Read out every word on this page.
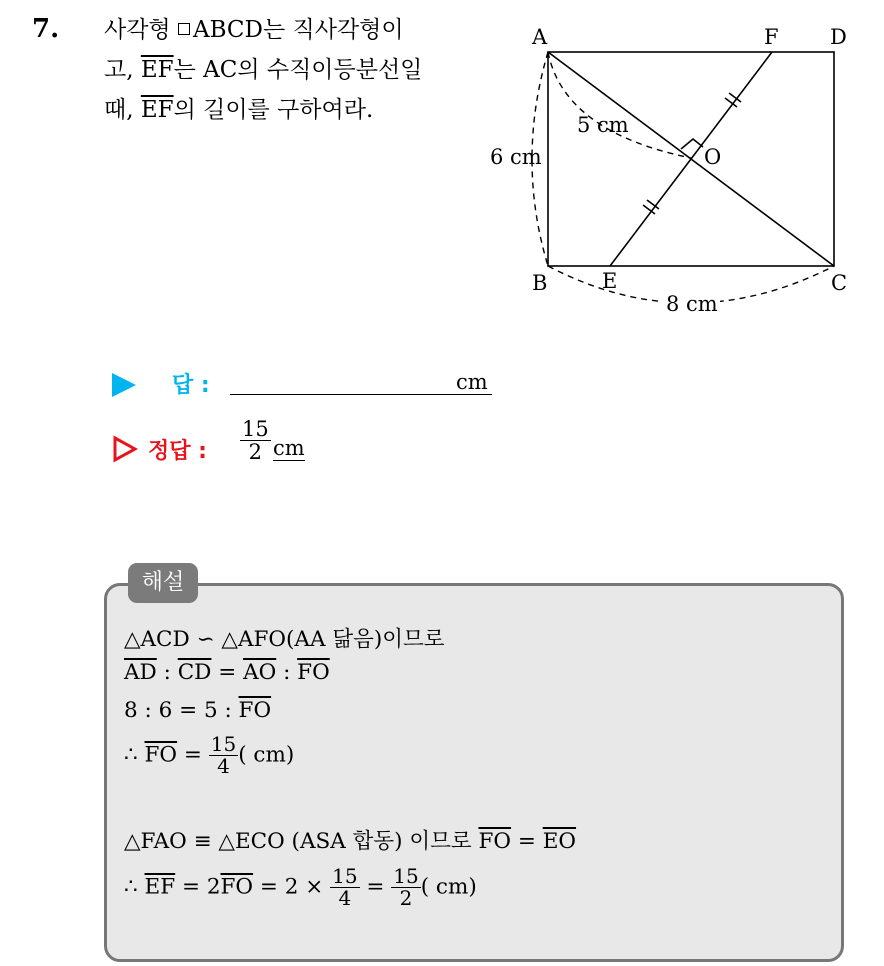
7. 사각형 ABCD는 직사각형이
고, $\overline{EF}$는 AC의 수직이등분선일
때, $\overline{EF}$의 길이를 구하여라.
A	F D
B	E	C
O
6 cm
5 cm
8 cm
답 :	cm
정답 : $\frac{15}{2}$ cm
해설
△ACD ∽ △AFO(AA 닮음)이므로
$\overline{AD}$ : $\overline{CD} = \overline{AO}$ : $\overline{FO}$
8 : 6 = 5 : $\overline{FO}$
∴ $\overline{FO} = \frac{15}{4}$ ( cm)
△FAO ≡ △ECO (ASA 합동) 이므로 $\overline{FO} = \overline{EO}$
∴ $\overline{EF} = 2\overline{FO} = 2 \times \frac{15}{4} = \frac{15}{2}$ ( cm)
